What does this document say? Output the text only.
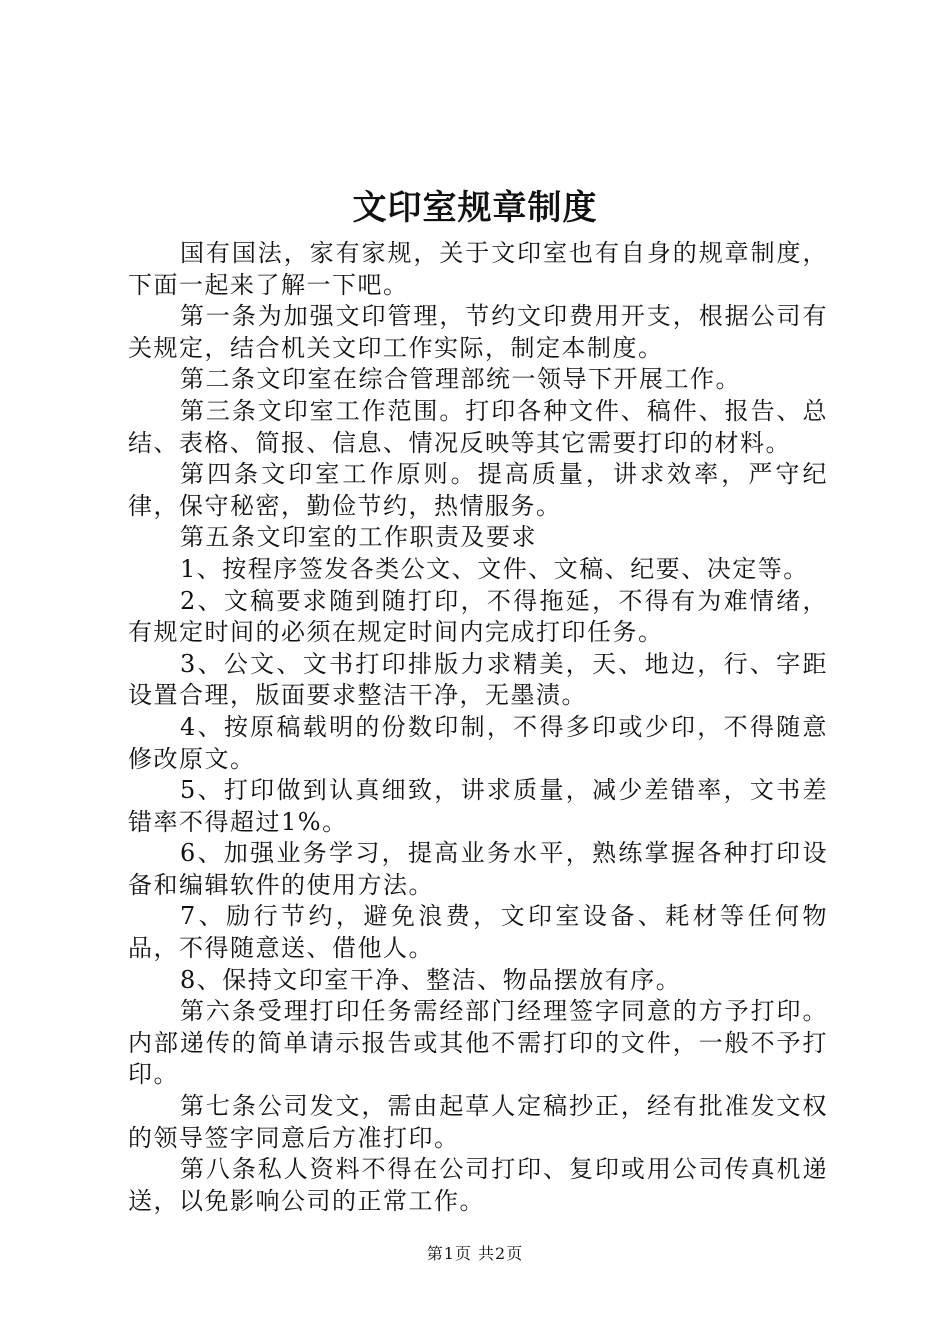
文印室规章制度

国有国法，家有家规，关于文印室也有自身的规章制度，下面一起来了解一下吧。

第一条为加强文印管理，节约文印费用开支，根据公司有关规定，结合机关文印工作实际，制定本制度。

第二条文印室在综合管理部统一领导下开展工作。

第三条文印室工作范围。打印各种文件、稿件、报告、总结、表格、简报、信息、情况反映等其它需要打印的材料。

第四条文印室工作原则。提高质量，讲求效率，严守纪律，保守秘密，勤俭节约，热情服务。

第五条文印室的工作职责及要求

1、按程序签发各类公文、文件、文稿、纪要、决定等。

2、文稿要求随到随打印，不得拖延，不得有为难情绪，有规定时间的必须在规定时间内完成打印任务。

3、公文、文书打印排版力求精美，天、地边，行、字距设置合理，版面要求整洁干净，无墨渍。

4、按原稿载明的份数印制，不得多印或少印，不得随意修改原文。

5、打印做到认真细致，讲求质量，减少差错率，文书差错率不得超过1%。

6、加强业务学习，提高业务水平，熟练掌握各种打印设备和编辑软件的使用方法。

7、励行节约，避免浪费，文印室设备、耗材等任何物品，不得随意送、借他人。

8、保持文印室干净、整洁、物品摆放有序。

第六条受理打印任务需经部门经理签字同意的方予打印。内部递传的简单请示报告或其他不需打印的文件，一般不予打印。

第七条公司发文，需由起草人定稿抄正，经有批准发文权的领导签字同意后方准打印。

第八条私人资料不得在公司打印、复印或用公司传真机递送，以免影响公司的正常工作。

第1页 共2页
